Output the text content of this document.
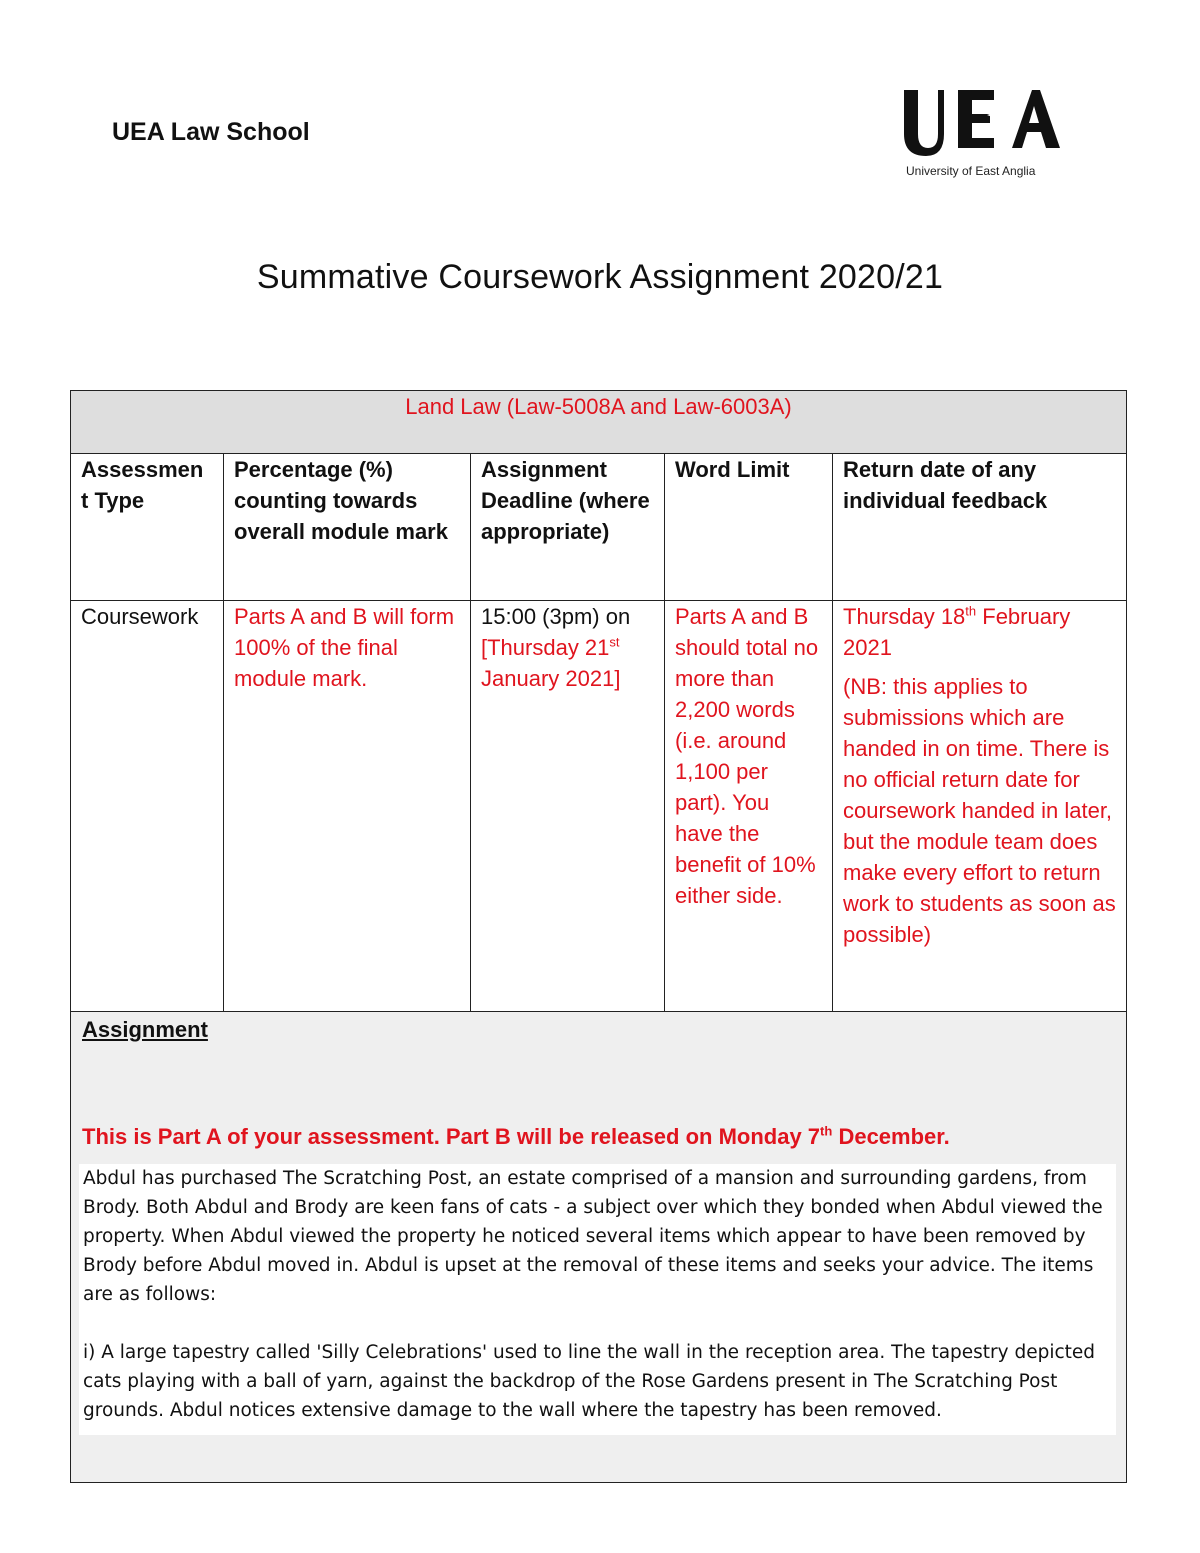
UEA Law School
University of East Anglia
Summative Coursework Assignment 2020/21
Land Law (Law-5008A and Law-6003A)				
Assessmen t Type	Percentage (%) counting towards overall module mark	Assignment Deadline (where appropriate)	Word Limit	Return date of any individual feedback
Coursework	Parts A and B will form 100% of the final module mark.	15:00 (3pm) on [Thursday 21st January 2021]	Parts A and B should total no more than 2,200 words (i.e. around 1,100 per part). You have the benefit of 10% either side.	Thursday 18th February 2021
(NB: this applies to submissions which are handed in on time. There is no official return date for coursework handed in later, but the module team does make every effort to return work to students as soon as possible)

Assignment
This is Part A of your assessment. Part B will be released on Monday 7th December.

Abdul has purchased The Scratching Post, an estate comprised of a mansion and surrounding gardens, from Brody. Both Abdul and Brody are keen fans of cats - a subject over which they bonded when Abdul viewed the property. When Abdul viewed the property he noticed several items which appear to have been removed by Brody before Abdul moved in. Abdul is upset at the removal of these items and seeks your advice. The items are as follows:

i) A large tapestry called 'Silly Celebrations' used to line the wall in the reception area. The tapestry depicted cats playing with a ball of yarn, against the backdrop of the Rose Gardens present in The Scratching Post grounds. Abdul notices extensive damage to the wall where the tapestry has been removed.				
